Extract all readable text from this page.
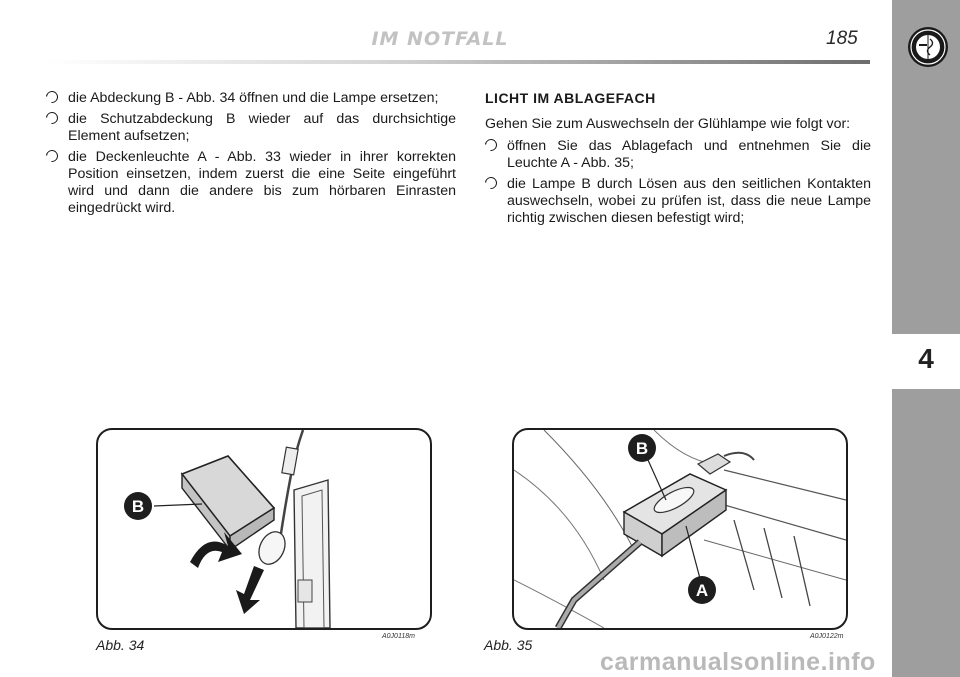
IM NOTFALL	185
4
die Abdeckung B - Abb. 34 öffnen und die Lampe ersetzen;
die Schutzabdeckung B wieder auf das durchsichtige Element aufsetzen;
die Deckenleuchte A - Abb. 33 wieder in ihrer korrekten Position einsetzen, indem zuerst die eine Seite eingeführt wird und dann die andere bis zum hörbaren Einrasten eingedrückt wird.
LICHT IM ABLAGEFACH
Gehen Sie zum Auswechseln der Glühlampe wie folgt vor:
öffnen Sie das Ablagefach und entnehmen Sie die Leuchte A - Abb. 35;
die Lampe B durch Lösen aus den seitlichen Kontakten auswechseln, wobei zu prüfen ist, dass die neue Lampe richtig zwischen diesen befestigt wird;
B
Abb. 34
A0J0118m
B
A
Abb. 35
A0J0122m
carmanualsonline.info
